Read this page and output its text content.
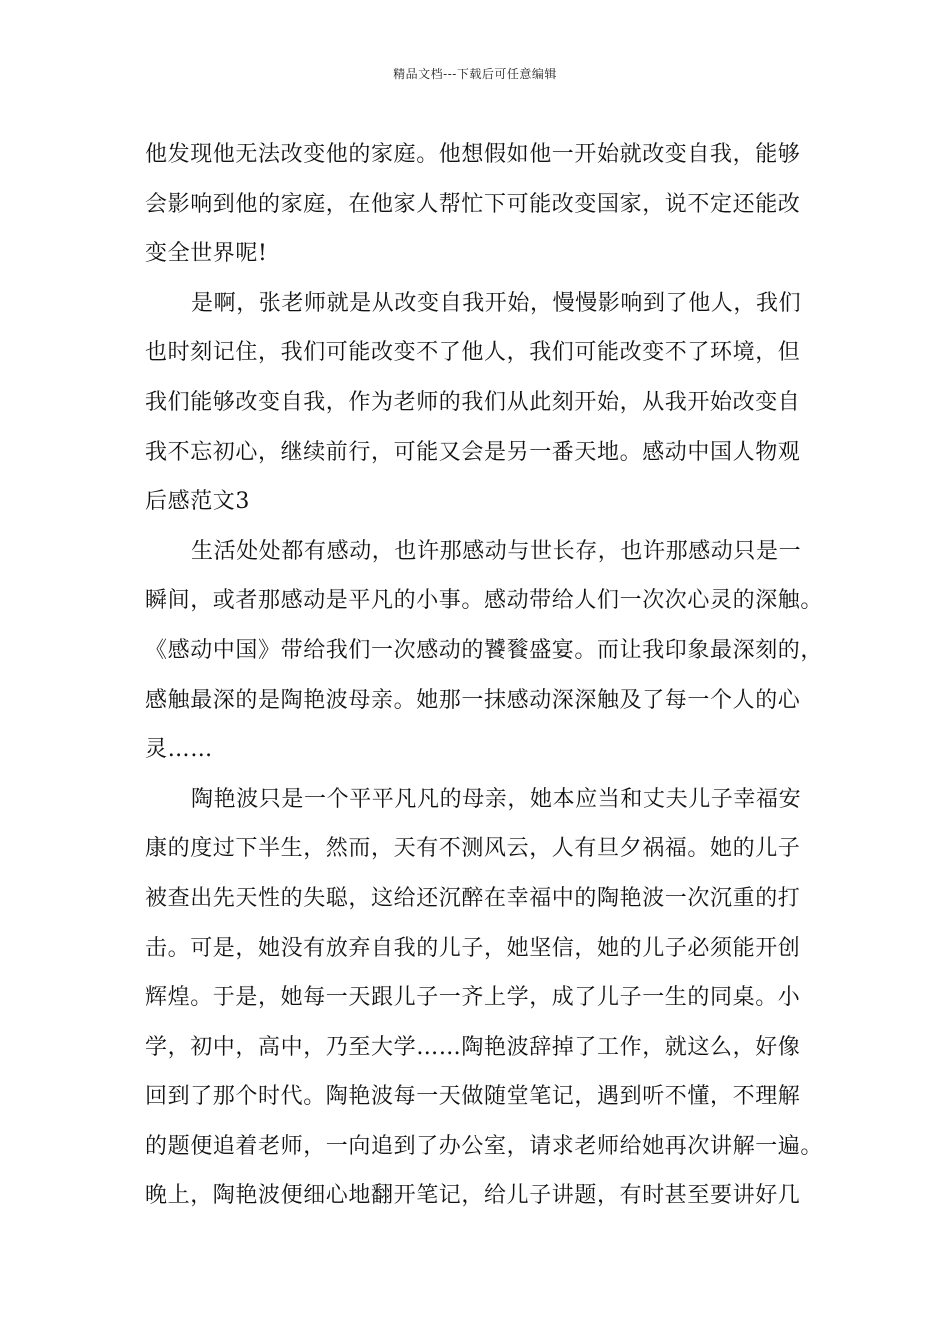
精品文档---下载后可任意编辑
他发现他无法改变他的家庭。他想假如他一开始就改变自我，能够
会影响到他的家庭，在他家人帮忙下可能改变国家，说不定还能改
变全世界呢!
是啊，张老师就是从改变自我开始，慢慢影响到了他人，我们
也时刻记住，我们可能改变不了他人，我们可能改变不了环境，但
我们能够改变自我，作为老师的我们从此刻开始，从我开始改变自
我不忘初心，继续前行，可能又会是另一番天地。感动中国人物观
后感范文3
生活处处都有感动，也许那感动与世长存，也许那感动只是一
瞬间，或者那感动是平凡的小事。感动带给人们一次次心灵的深触。
《感动中国》带给我们一次感动的饕餮盛宴。而让我印象最深刻的，
感触最深的是陶艳波母亲。她那一抹感动深深触及了每一个人的心
灵……
陶艳波只是一个平平凡凡的母亲，她本应当和丈夫儿子幸福安
康的度过下半生，然而，天有不测风云，人有旦夕祸福。她的儿子
被查出先天性的失聪，这给还沉醉在幸福中的陶艳波一次沉重的打
击。可是，她没有放弃自我的儿子，她坚信，她的儿子必须能开创
辉煌。于是，她每一天跟儿子一齐上学，成了儿子一生的同桌。小
学，初中，高中，乃至大学……陶艳波辞掉了工作，就这么，好像
回到了那个时代。陶艳波每一天做随堂笔记，遇到听不懂，不理解
的题便追着老师，一向追到了办公室，请求老师给她再次讲解一遍。
晚上，陶艳波便细心地翻开笔记，给儿子讲题，有时甚至要讲好几
